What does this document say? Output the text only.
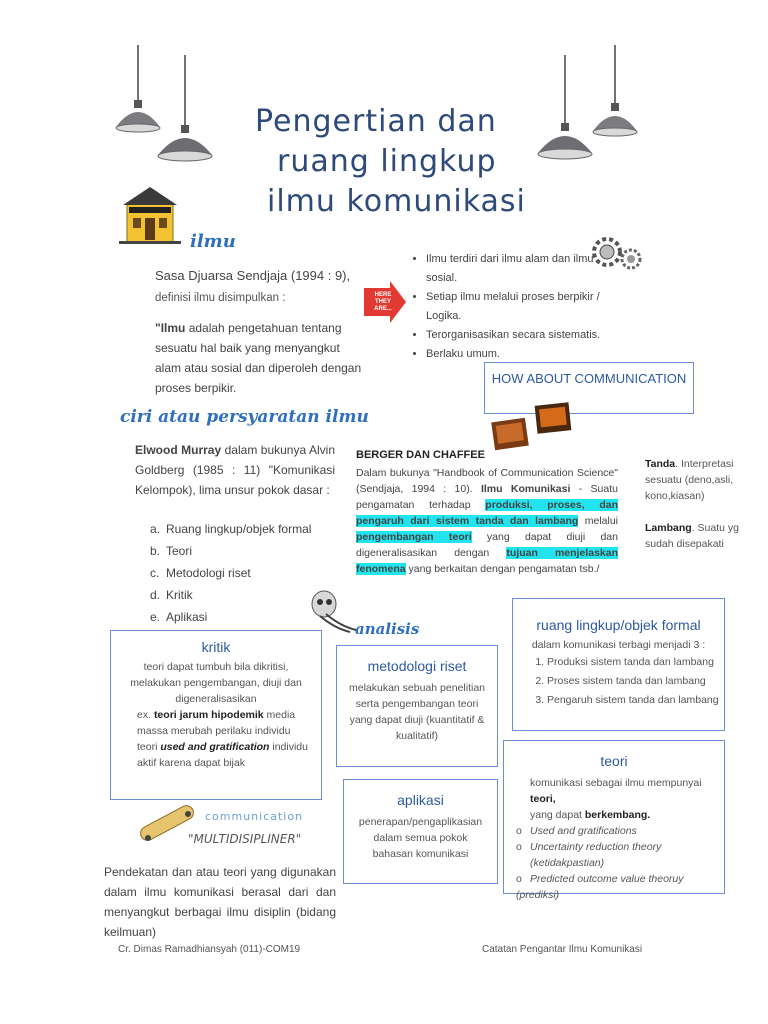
Pengertian dan
ruang lingkup
ilmu komunikasi
ilmu
Sasa Djuarsa Sendjaja (1994 : 9),
definisi ilmu disimpulkan :
"Ilmu adalah pengetahuan tentang sesuatu hal baik yang menyangkut alam atau sosial dan diperoleh dengan proses berpikir.
HERE THEY ARE...
• Ilmu terdiri dari ilmu alam dan ilmu sosial.
• Setiap ilmu melalui proses berpikir / Logika.
• Terorganisasikan secara sistematis.
• Berlaku umum.
HOW ABOUT COMMUNICATION
ciri atau persyaratan ilmu
Elwood Murray dalam bukunya Alvin Goldberg (1985 : 11) "Komunikasi Kelompok), lima unsur pokok dasar :
a. Ruang lingkup/objek formal
b. Teori
c. Metodologi riset
d. Kritik
e. Aplikasi
BERGER DAN CHAFFEE
Dalam bukunya "Handbook of Communication Science" (Sendjaja, 1994 : 10). Ilmu Komunikasi - Suatu pengamatan terhadap produksi, proses, dan pengaruh dari sistem tanda dan lambang melalui pengembangan teori yang dapat diuji dan digeneralisasikan dengan tujuan menjelaskan fenomena yang berkaitan dengan pengamatan tsb./
Tanda. Interpretasi sesuatu (deno,asli, kono,kiasan)
Lambang. Suatu yg sudah disepakati
analisis
kritik
teori dapat tumbuh bila dikritisi,
melakukan pengembangan, diuji dan digeneralisasikan
ex. teori jarum hipodemik media massa merubah perilaku individu
teori used and gratification individu aktif karena dapat bijak
metodologi riset
melakukan sebuah penelitian serta pengembangan teori yang dapat diuji (kuantitatif & kualitatif)
ruang lingkup/objek formal
dalam komunikasi terbagi menjadi 3 :
1. Produksi sistem tanda dan lambang
2. Proses sistem tanda dan lambang
3. Pengaruh sistem tanda dan lambang
aplikasi
penerapan/pengaplikasian dalam semua pokok bahasan komunikasi
teori
komunikasi sebagai ilmu mempunyai teori,
yang dapat berkembang.
o Used and gratifications
o Uncertainty reduction theory (ketidakpastian)
o Predicted outcome value theoruy (prediksi)
communication
"MULTIDISIPLINER"
Pendekatan dan atau teori yang digunakan dalam ilmu komunikasi berasal dari dan menyangkut berbagai ilmu disiplin (bidang keilmuan)
Cr. Dimas Ramadhiansyah (011)-COM19	Catatan Pengantar Ilmu Komunikasi
